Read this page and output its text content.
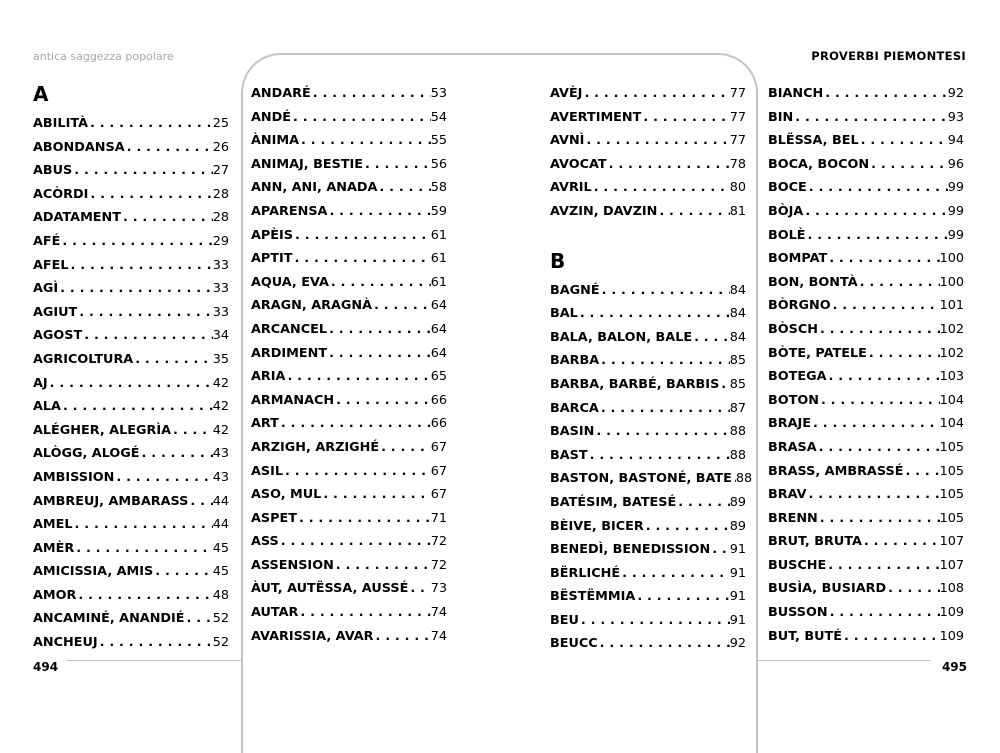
antica saggezza popolare	PROVERBI PIEMONTESI
A
ABILITÀ . . .	25
ABONDANSA . . .	26
ABUS . . .	27
ACÒRDI . . .	28
ADATAMENT . . .	28
AFÉ . . .	29
AFEL . . .	33
AGÌ . . .	33
AGIUT . . .	33
AGOST . . .	34
AGRICOLTURA . . .	35
AJ . . .	42
ALA . . .	42
ALÉGHER, ALEGRÌA . . .	42
ALÒGG, ALOGÉ . . .	43
AMBISSION . . .	43
AMBREUJ, AMBARASS . . . 44
AMEL . . .	44
AMÈR . . .	45
AMICISSIA, AMIS . . .	45
AMOR . . .	48
ANCAMINÉ, ANANDIÉ . . . 52
ANCHEUJ . . .	52
ANDARÉ . . .	53
ANDÉ . . .	54
ÀNIMA . . .	55
ANIMAJ, BESTIE . . .	56
ANN, ANI, ANADA . . .	58
APARENSA . . .	59
APÈIS . . .	61
APTIT . . .	61
AQUA, EVA . . .	61
ARAGN, ARAGNÀ . . .	64
ARCANCEL . . .	64
ARDIMENT . . .	64
ARIA . . .	65
ARMANACH . . .	66
ART . . .	66
ARZIGH, ARZIGHÉ . . .	67
ASIL . . .	67
ASO, MUL . . .	67
ASPET . . .	71
ASS . . .	72
ASSENSION . . .	72
ÀUT, AUTËSSA, AUSSÉ . . . 73
AUTAR . . .	74
AVARISSIA, AVAR . . .	74
AVÈJ . . .	77
AVERTIMENT . . .	77
AVNÌ . . .	77
AVOCAT . . .	78
AVRIL . . .	80
AVZIN, DAVZIN . . .	81
B
BAGNÉ . . .	84
BAL . . .	84
BALA, BALON, BALE . . .	84
BARBA . . .	85
BARBA, BARBÉ, BARBIS . . . 85
BARCA . . .	87
BASIN . . .	88
BAST . . .	88
BASTON, BASTONÉ, BATE . . . 88
BATÉSIM, BATESÉ . . .	89
BÈIVE, BICER . . .	89
BENEDÌ, BENEDISSION . . . 91
BËRLICHÉ . . .	91
BËSTËMMIA . . .	91
BEU . . .	91
BEUCC . . .	92
BIANCH . . .	92
BIN . . .	93
BLËSSA, BEL . . .	94
BOCA, BOCON . . .	96
BOCE . . .	99
BÒJA . . .	99
BOLÈ . . .	99
BOMPAT . . .	100
BON, BONTÀ . . .	100
BÒRGNO . . .	101
BÒSCH . . .	102
BÒTE, PATELE . . .	102
BOTEGA . . .	103
BOTON . . .	104
BRAJE . . .	104
BRASA . . .	105
BRASS, AMBRASSÉ . . .	105
BRAV . . .	105
BRENN . . .	105
BRUT, BRUTA . . .	107
BUSCHE . . .	107
BUSÌA, BUSIARD . . .	108
BUSSON . . .	109
BUT, BUTÉ . . .	109
494	495
